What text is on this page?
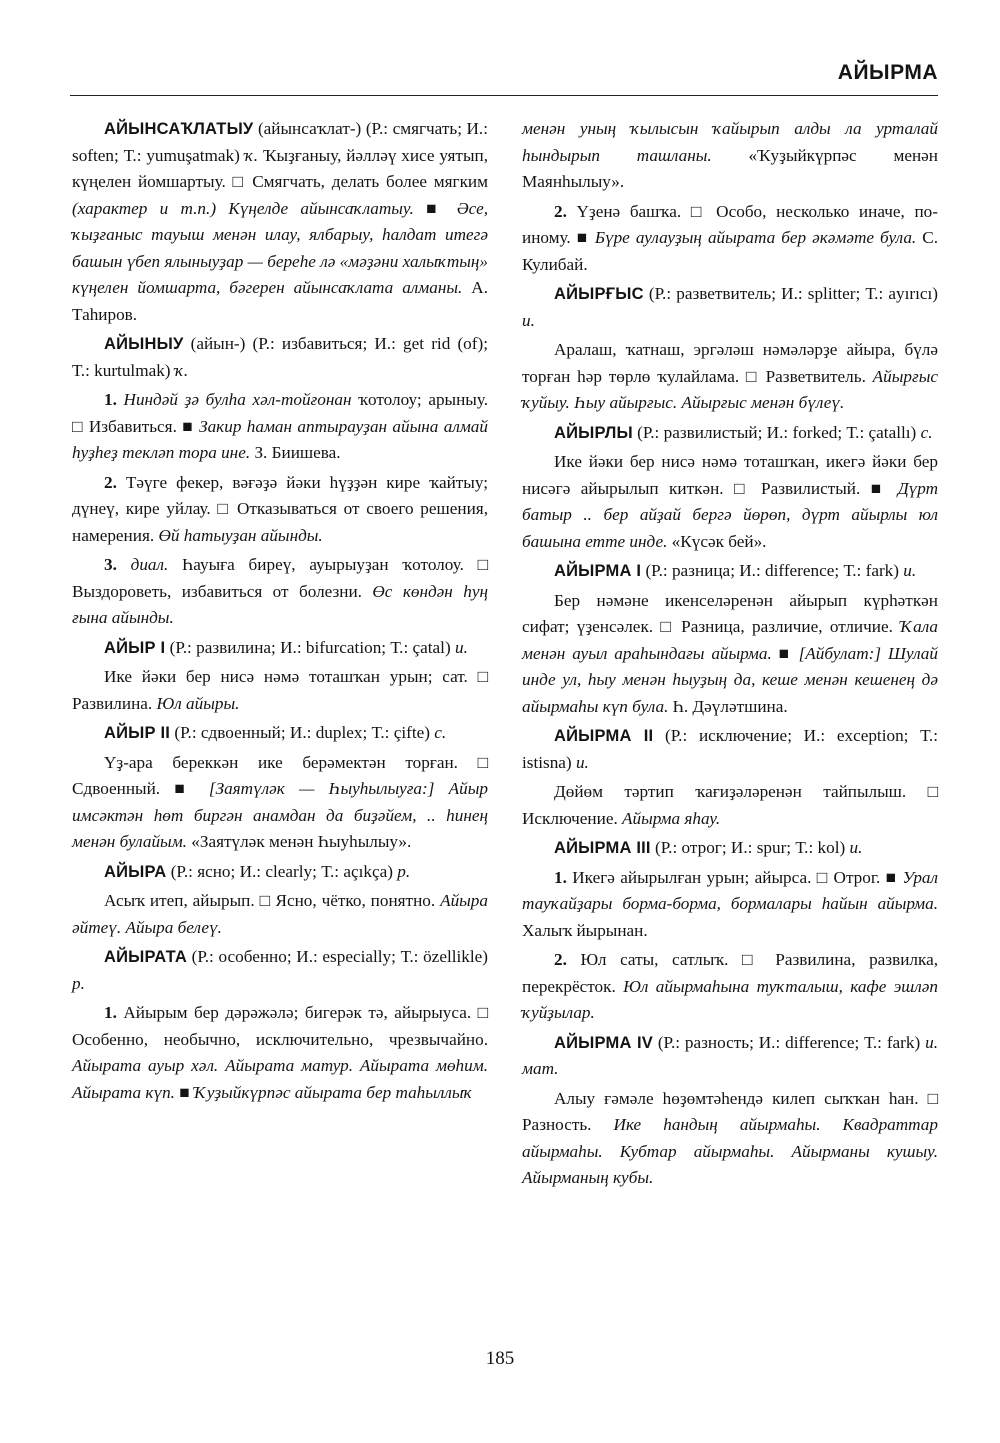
АЙЫРМА

АЙЫНСАҠЛАТЫУ (айынсаҡлат-) (Р.: смягчать; И.: soften; Т.: yumuşatmak) ҡ. Ҡыҙғаныу, йәлләү хисе уятып, күңелен йомшартыу. □ Смягчать, делать более мягким (характер и т.п.) Күңелде айынсаҡлатыу. ■ Әсе, ҡыҙғаныс тауыш менән илау, ялбарыу, һалдат итегә башын үбеп ялыныуҙар — береһе лә «мәҙәни халыҡтың» күңелен йомшарта, бәгерен айынсаҡлата алманы. А. Таһиров.

АЙЫНЫУ (айын-) (Р.: избавиться; И.: get rid (of); Т.: kurtulmak) ҡ.

1. Ниндәй ҙә булһа хәл-тойғонан ҡотолоу; арыныу. □ Избавиться. ■ Закир һаман аптырауҙан айына алмай һуҙһеҙ теклəп тора ине. З. Биишева.

2. Тәүге фекер, вәғәҙә йәки һүҙҙән кире ҡайтыу; дүнеү, кире уйлау. □ Отказываться от своего решения, намерения. Өй һатыуҙан айынды.

3. диал. Һауыға биреү, ауырыуҙан ҡотолоу. □ Выздороветь, избавиться от болезни. Өс көндән һуң ғына айынды.

АЙЫР I (Р.: развилина; И.: bifurcation; Т.: çatal) и.

Ике йәки бер нисә нәмә тоташҡан урын; сат. □ Развилина. Юл айыры.

АЙЫР II (Р.: сдвоенный; И.: duplex; Т.: çifte) с.

Үҙ-ара береккән ике берәмектән торған. □ Сдвоенный. ■ [Заятүләк — Һыуһылыуға:] Айыр имсәктән һөт биргән анамдан да биҙәйем, .. һинең менән булайым. «Заятүләк менән Һыуһылыу».

АЙЫРА (Р.: ясно; И.: clearly; Т.: açıkça) р.

Асыҡ итеп, айырып. □ Ясно, чётко, понятно. Айыра әйтеү. Айыра белеү.

АЙЫРАТА (Р.: особенно; И.: especially; Т.: özellikle) р.

1. Айырым бер дәрәжәлә; бигерәк тә, айырыуса. □ Особенно, необычно, исключительно, чрезвычайно. Айырата ауыр хәл. Айырата матур. Айырата мөһим. Айырата күп. ■ Ҡуҙыйкүрпәс айырата бер таһыллыҡ

менән уның ҡылысын ҡайырып алды ла урталай һындырып ташланы. «Ҡуҙыйкүрпәс менән Маянһылыу».

2. Үҙенә башҡа. □ Особо, несколько иначе, по-иному. ■ Бүре аулауҙың айырата бер әкәмәте була. С. Кулибай.

АЙЫРҒЫС (Р.: разветвитель; И.: splitter; Т.: ayırıcı) и.

Аралаш, ҡатнаш, эргәләш нәмәләрҙе айыра, бүлә торған һәр төрлө ҡулайлама. □ Разветвитель. Айырғыс ҡуйыу. Һыу айырғыс. Айырғыс менән бүлеү.

АЙЫРЛЫ (Р.: развилистый; И.: forked; Т.: çatallı) с.

Ике йәки бер нисә нәмә тоташҡан, икегә йәки бер нисәгә айырылып киткән. □ Развилистый. ■ Дүрт батыр .. бер айҙай бергә йөрөп, дүрт айырлы юл башына етте инде. «Күсәк бей».

АЙЫРМА I (Р.: разница; И.: difference; Т.: fark) и.

Бер нәмәне икенселәренән айырып күрһәткән сифат; үҙенсәлек. □ Разница, различие, отличие. Ҡала менән ауыл араһындағы айырма. ■ [Айбулат:] Шулай инде ул, һыу менән һыуҙың да, кеше менән кешенең дә айырмаһы күп була. Һ. Дәүләтшина.

АЙЫРМА II (Р.: исключение; И.: exception; Т.: istisna) и.

Дөйөм тәртип ҡағиҙәләренән тайпылыш. □ Исключение. Айырма яһау.

АЙЫРМА III (Р.: отрог; И.: spur; Т.: kol) и.

1. Икегә айырылған урын; айырса. □ Отрог. ■ Урал тауҡайҙары борма-борма, бормалары һайын айырма. Халыҡ йырынан.

2. Юл саты, сатлыҡ. □ Развилина, развилка, перекрёсток. Юл айырмаһына туҡталыш, кафе эшләп ҡуйҙылар.

АЙЫРМА IV (Р.: разность; И.: difference; Т.: fark) и. мат.

Алыу ғәмәле һөҙөмтәһендә килеп сыҡҡан һан. □ Разность. Ике һандың айырмаһы. Квадраттар айырмаһы. Кубтар айырмаһы. Айырманы кушыу. Айырманың кубы.

185
